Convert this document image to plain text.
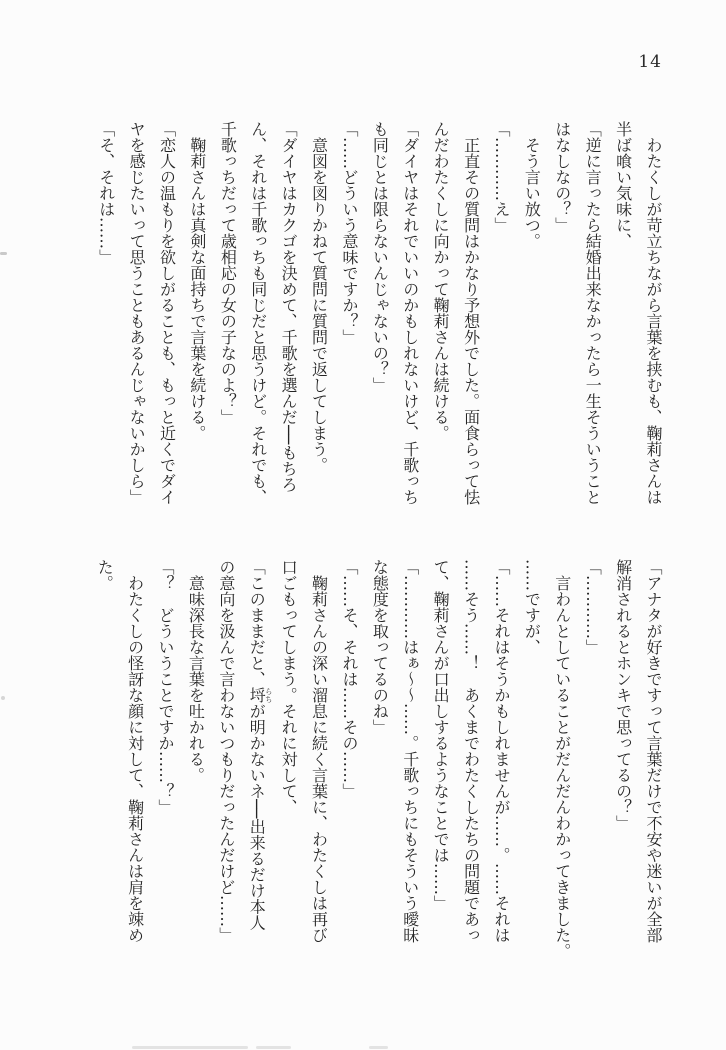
14

　わたくしが苛立ちながら言葉を挟むも、鞠莉さんは

半ば喰い気味に、

「逆に言ったら結婚出来なかったら一生そういうこと

はなしなの？」

　そう言い放つ。

「…………え」

　正直その質問はかなり予想外でした。面食らって怯

んだわたくしに向かって鞠莉さんは続ける。

「ダイヤはそれでいいのかもしれないけど、千歌っち

も同じとは限らないんじゃないの？」

「……どういう意味ですか？」

　意図を図りかねて質問に質問で返してしまう。

「ダイヤはカクゴを決めて、千歌を選んだ──もちろ

ん、それは千歌っちも同じだと思うけど。それでも、

千歌っちだって歳相応の女の子なのよ？」

　鞠莉さんは真剣な面持ちで言葉を続ける。

「恋人の温もりを欲しがることも、もっと近くでダイ

ヤを感じたいって思うこともあるんじゃないかしら」

「そ、それは……」

「アナタが好きですって言葉だけで不安や迷いが全部

解消されるとホンキで思ってるの？」

「…………」

　言わんとしていることがだんだんわかってきました。

……ですが、

「……それはそうかもしれませんが……。……それは

……そう……！　あくまでわたくしたちの問題であっ

て、鞠莉さんが口出しするようなことでは……」

「…………はぁ～～……。千歌っちにもそういう曖昧

な態度を取ってるのね」

「……そ、それは……その……」

　鞠莉さんの深い溜息に続く言葉に、わたくしは再び

口ごもってしまう。それに対して、

「このままだと、埒らちが明かないネ──出来るだけ本人

の意向を汲んで言わないつもりだったんだけど……」

　意味深長な言葉を吐かれる。

「？　どういうことですか……？」

　わたくしの怪訝な顔に対して、鞠莉さんは肩を竦め

た。
